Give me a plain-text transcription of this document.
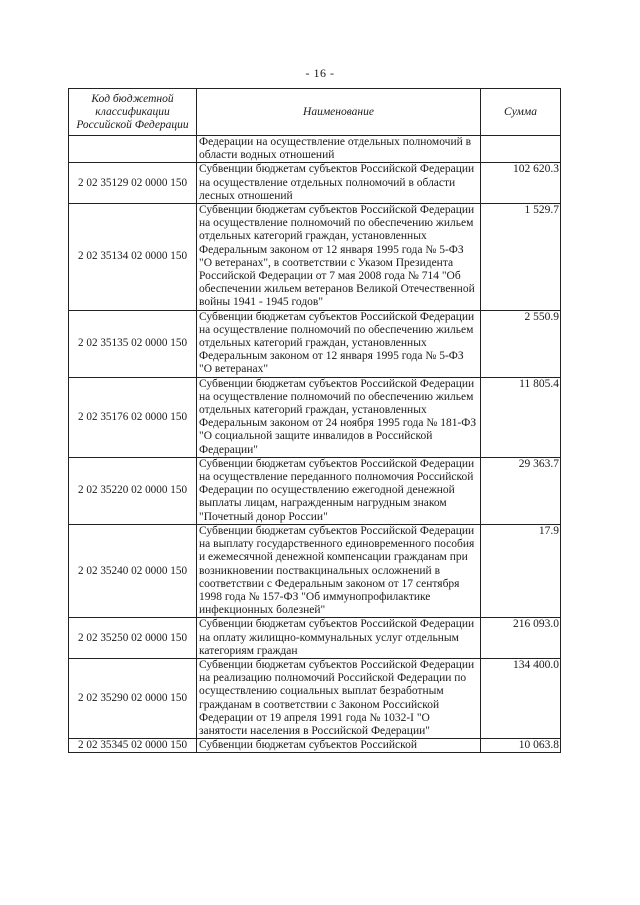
- 16 -
Код бюджетной классификации Российской Федерации	Наименование	Сумма
	Федерации на осуществление отдельных полномочий в области водных отношений	
2 02 35129 02 0000 150	Субвенции бюджетам субъектов Российской Федерации на осуществление отдельных полномочий в области лесных отношений	102 620.3
2 02 35134 02 0000 150	Субвенции бюджетам субъектов Российской Федерации на осуществление полномочий по обеспечению жильем отдельных категорий граждан, установленных Федеральным законом от 12 января 1995 года № 5-ФЗ "О ветеранах", в соответствии с Указом Президента Российской Федерации от 7 мая 2008 года № 714 "Об обеспечении жильем ветеранов Великой Отечественной войны 1941 - 1945 годов"	1 529.7
2 02 35135 02 0000 150	Субвенции бюджетам субъектов Российской Федерации на осуществление полномочий по обеспечению жильем отдельных категорий граждан, установленных Федеральным законом от 12 января 1995 года № 5-ФЗ "О ветеранах"	2 550.9
2 02 35176 02 0000 150	Субвенции бюджетам субъектов Российской Федерации на осуществление полномочий по обеспечению жильем отдельных категорий граждан, установленных Федеральным законом от 24 ноября 1995 года № 181-ФЗ "О социальной защите инвалидов в Российской Федерации"	11 805.4
2 02 35220 02 0000 150	Субвенции бюджетам субъектов Российской Федерации на осуществление переданного полномочия Российской Федерации по осуществлению ежегодной денежной выплаты лицам, награжденным нагрудным знаком "Почетный донор России"	29 363.7
2 02 35240 02 0000 150	Субвенции бюджетам субъектов Российской Федерации на выплату государственного единовременного пособия и ежемесячной денежной компенсации гражданам при возникновении поствакцинальных осложнений в соответствии с Федеральным законом от 17 сентября 1998 года № 157-ФЗ "Об иммунопрофилактике инфекционных болезней"	17.9
2 02 35250 02 0000 150	Субвенции бюджетам субъектов Российской Федерации на оплату жилищно-коммунальных услуг отдельным категориям граждан	216 093.0
2 02 35290 02 0000 150	Субвенции бюджетам субъектов Российской Федерации на реализацию полномочий Российской Федерации по осуществлению социальных выплат безработным гражданам в соответствии с Законом Российской Федерации от 19 апреля 1991 года № 1032-I "О занятости населения в Российской Федерации"	134 400.0
2 02 35345 02 0000 150	Субвенции бюджетам субъектов Российской	10 063.8
